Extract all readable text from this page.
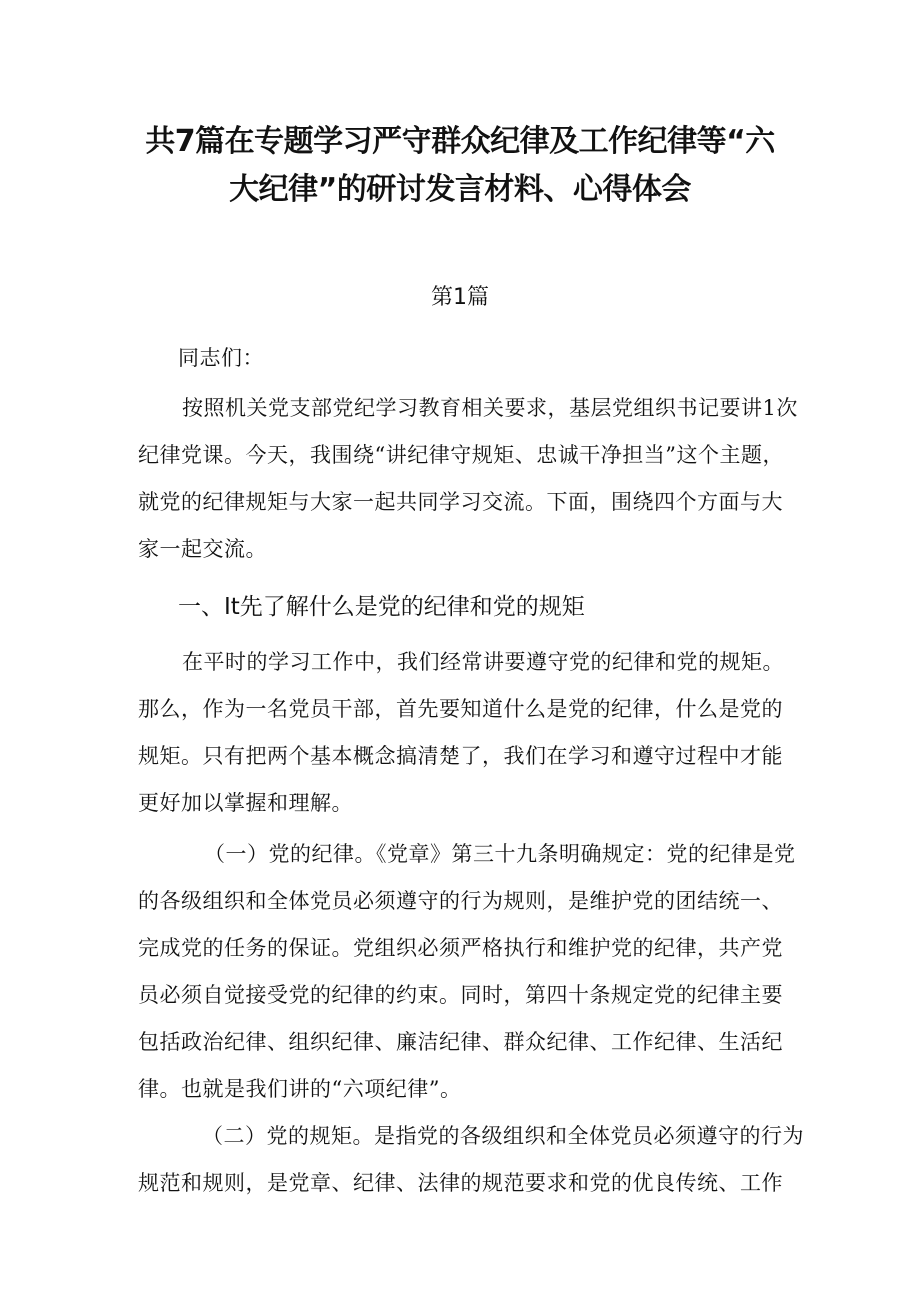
共7篇在专题学习严守群众纪律及工作纪律等“六
大纪律”的研讨发言材料、心得体会
第1篇
同志们：
按照机关党支部党纪学习教育相关要求，基层党组织书记要讲1次
纪律党课。今天，我围绕“讲纪律守规矩、忠诚干净担当”这个主题，
就党的纪律规矩与大家一起共同学习交流。下面，围绕四个方面与大
家一起交流。
一、It先了解什么是党的纪律和党的规矩
在平时的学习工作中，我们经常讲要遵守党的纪律和党的规矩。
那么，作为一名党员干部，首先要知道什么是党的纪律，什么是党的
规矩。只有把两个基本概念搞清楚了，我们在学习和遵守过程中才能
更好加以掌握和理解。
（一）党的纪律。《党章》第三十九条明确规定：党的纪律是党
的各级组织和全体党员必须遵守的行为规则，是维护党的团结统一、
完成党的任务的保证。党组织必须严格执行和维护党的纪律，共产党
员必须自觉接受党的纪律的约束。同时，第四十条规定党的纪律主要
包括政治纪律、组织纪律、廉洁纪律、群众纪律、工作纪律、生活纪
律。也就是我们讲的“六项纪律”。
（二）党的规矩。是指党的各级组织和全体党员必须遵守的行为
规范和规则，是党章、纪律、法律的规范要求和党的优良传统、工作
